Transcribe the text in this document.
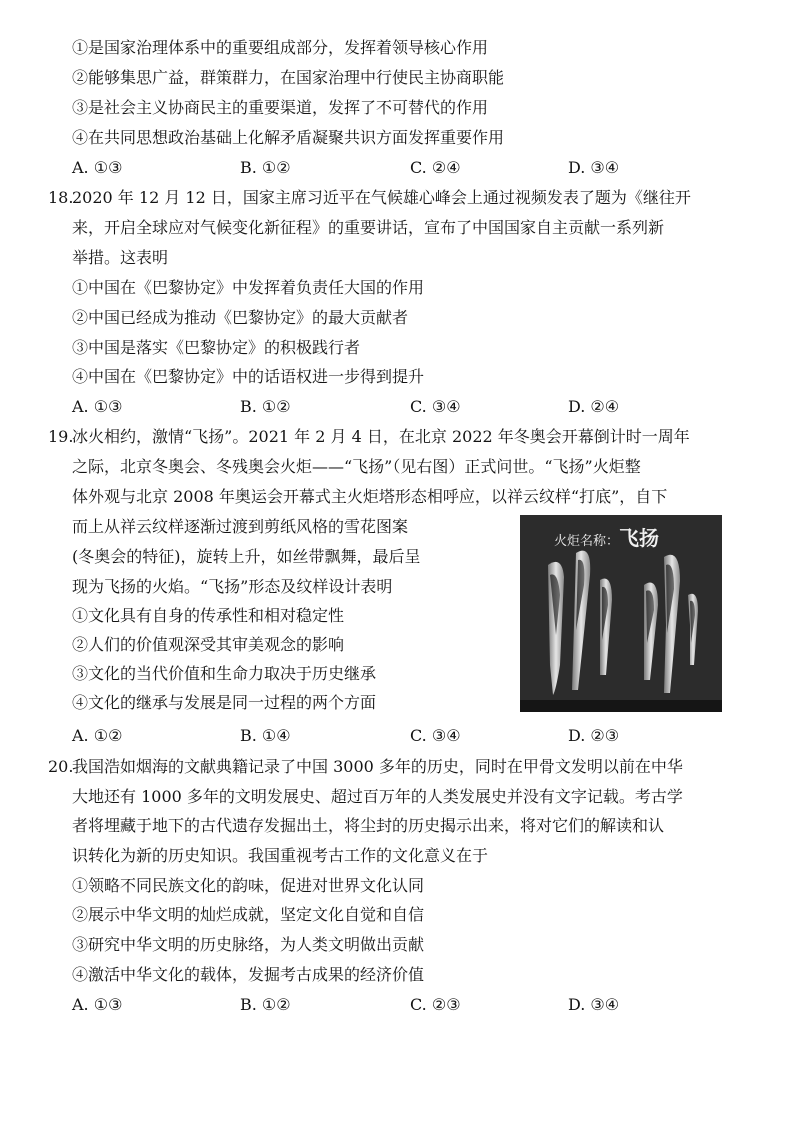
①是国家治理体系中的重要组成部分，发挥着领导核心作用
②能够集思广益，群策群力，在国家治理中行使民主协商职能
③是社会主义协商民主的重要渠道，发挥了不可替代的作用
④在共同思想政治基础上化解矛盾凝聚共识方面发挥重要作用
A. ①③	B. ①②	C. ②④	D. ③④
18.
2020 年 12 月 12 日，国家主席习近平在气候雄心峰会上通过视频发表了题为《继往开
来，开启全球应对气候变化新征程》的重要讲话，宣布了中国国家自主贡献一系列新
举措。这表明
①中国在《巴黎协定》中发挥着负责任大国的作用
②中国已经成为推动《巴黎协定》的最大贡献者
③中国是落实《巴黎协定》的积极践行者
④中国在《巴黎协定》中的话语权进一步得到提升
A. ①③	B. ①②	C. ③④	D. ②④
19.
冰火相约，激情“飞扬”。2021 年 2 月 4 日，在北京 2022 年冬奥会开幕倒计时一周年
之际，北京冬奥会、冬残奥会火炬——“飞扬”（见右图）正式问世。“飞扬”火炬整
体外观与北京 2008 年奥运会开幕式主火炬塔形态相呼应，以祥云纹样“打底”，自下
而上从祥云纹样逐渐过渡到剪纸风格的雪花图案
(冬奥会的特征)，旋转上升，如丝带飘舞，最后呈
现为飞扬的火焰。“飞扬”形态及纹样设计表明
①文化具有自身的传承性和相对稳定性
②人们的价值观深受其审美观念的影响
③文化的当代价值和生命力取决于历史继承
④文化的继承与发展是同一过程的两个方面
A. ①②	B. ①④	C. ③④	D. ②③
火炬名称：飞扬
20.
我国浩如烟海的文献典籍记录了中国 3000 多年的历史，同时在甲骨文发明以前在中华
大地还有 1000 多年的文明发展史、超过百万年的人类发展史并没有文字记载。考古学
者将埋藏于地下的古代遗存发掘出土，将尘封的历史揭示出来，将对它们的解读和认
识转化为新的历史知识。我国重视考古工作的文化意义在于
①领略不同民族文化的韵味，促进对世界文化认同
②展示中华文明的灿烂成就，坚定文化自觉和自信
③研究中华文明的历史脉络，为人类文明做出贡献
④激活中华文化的载体，发掘考古成果的经济价值
A. ①③	B. ①②	C. ②③	D. ③④
